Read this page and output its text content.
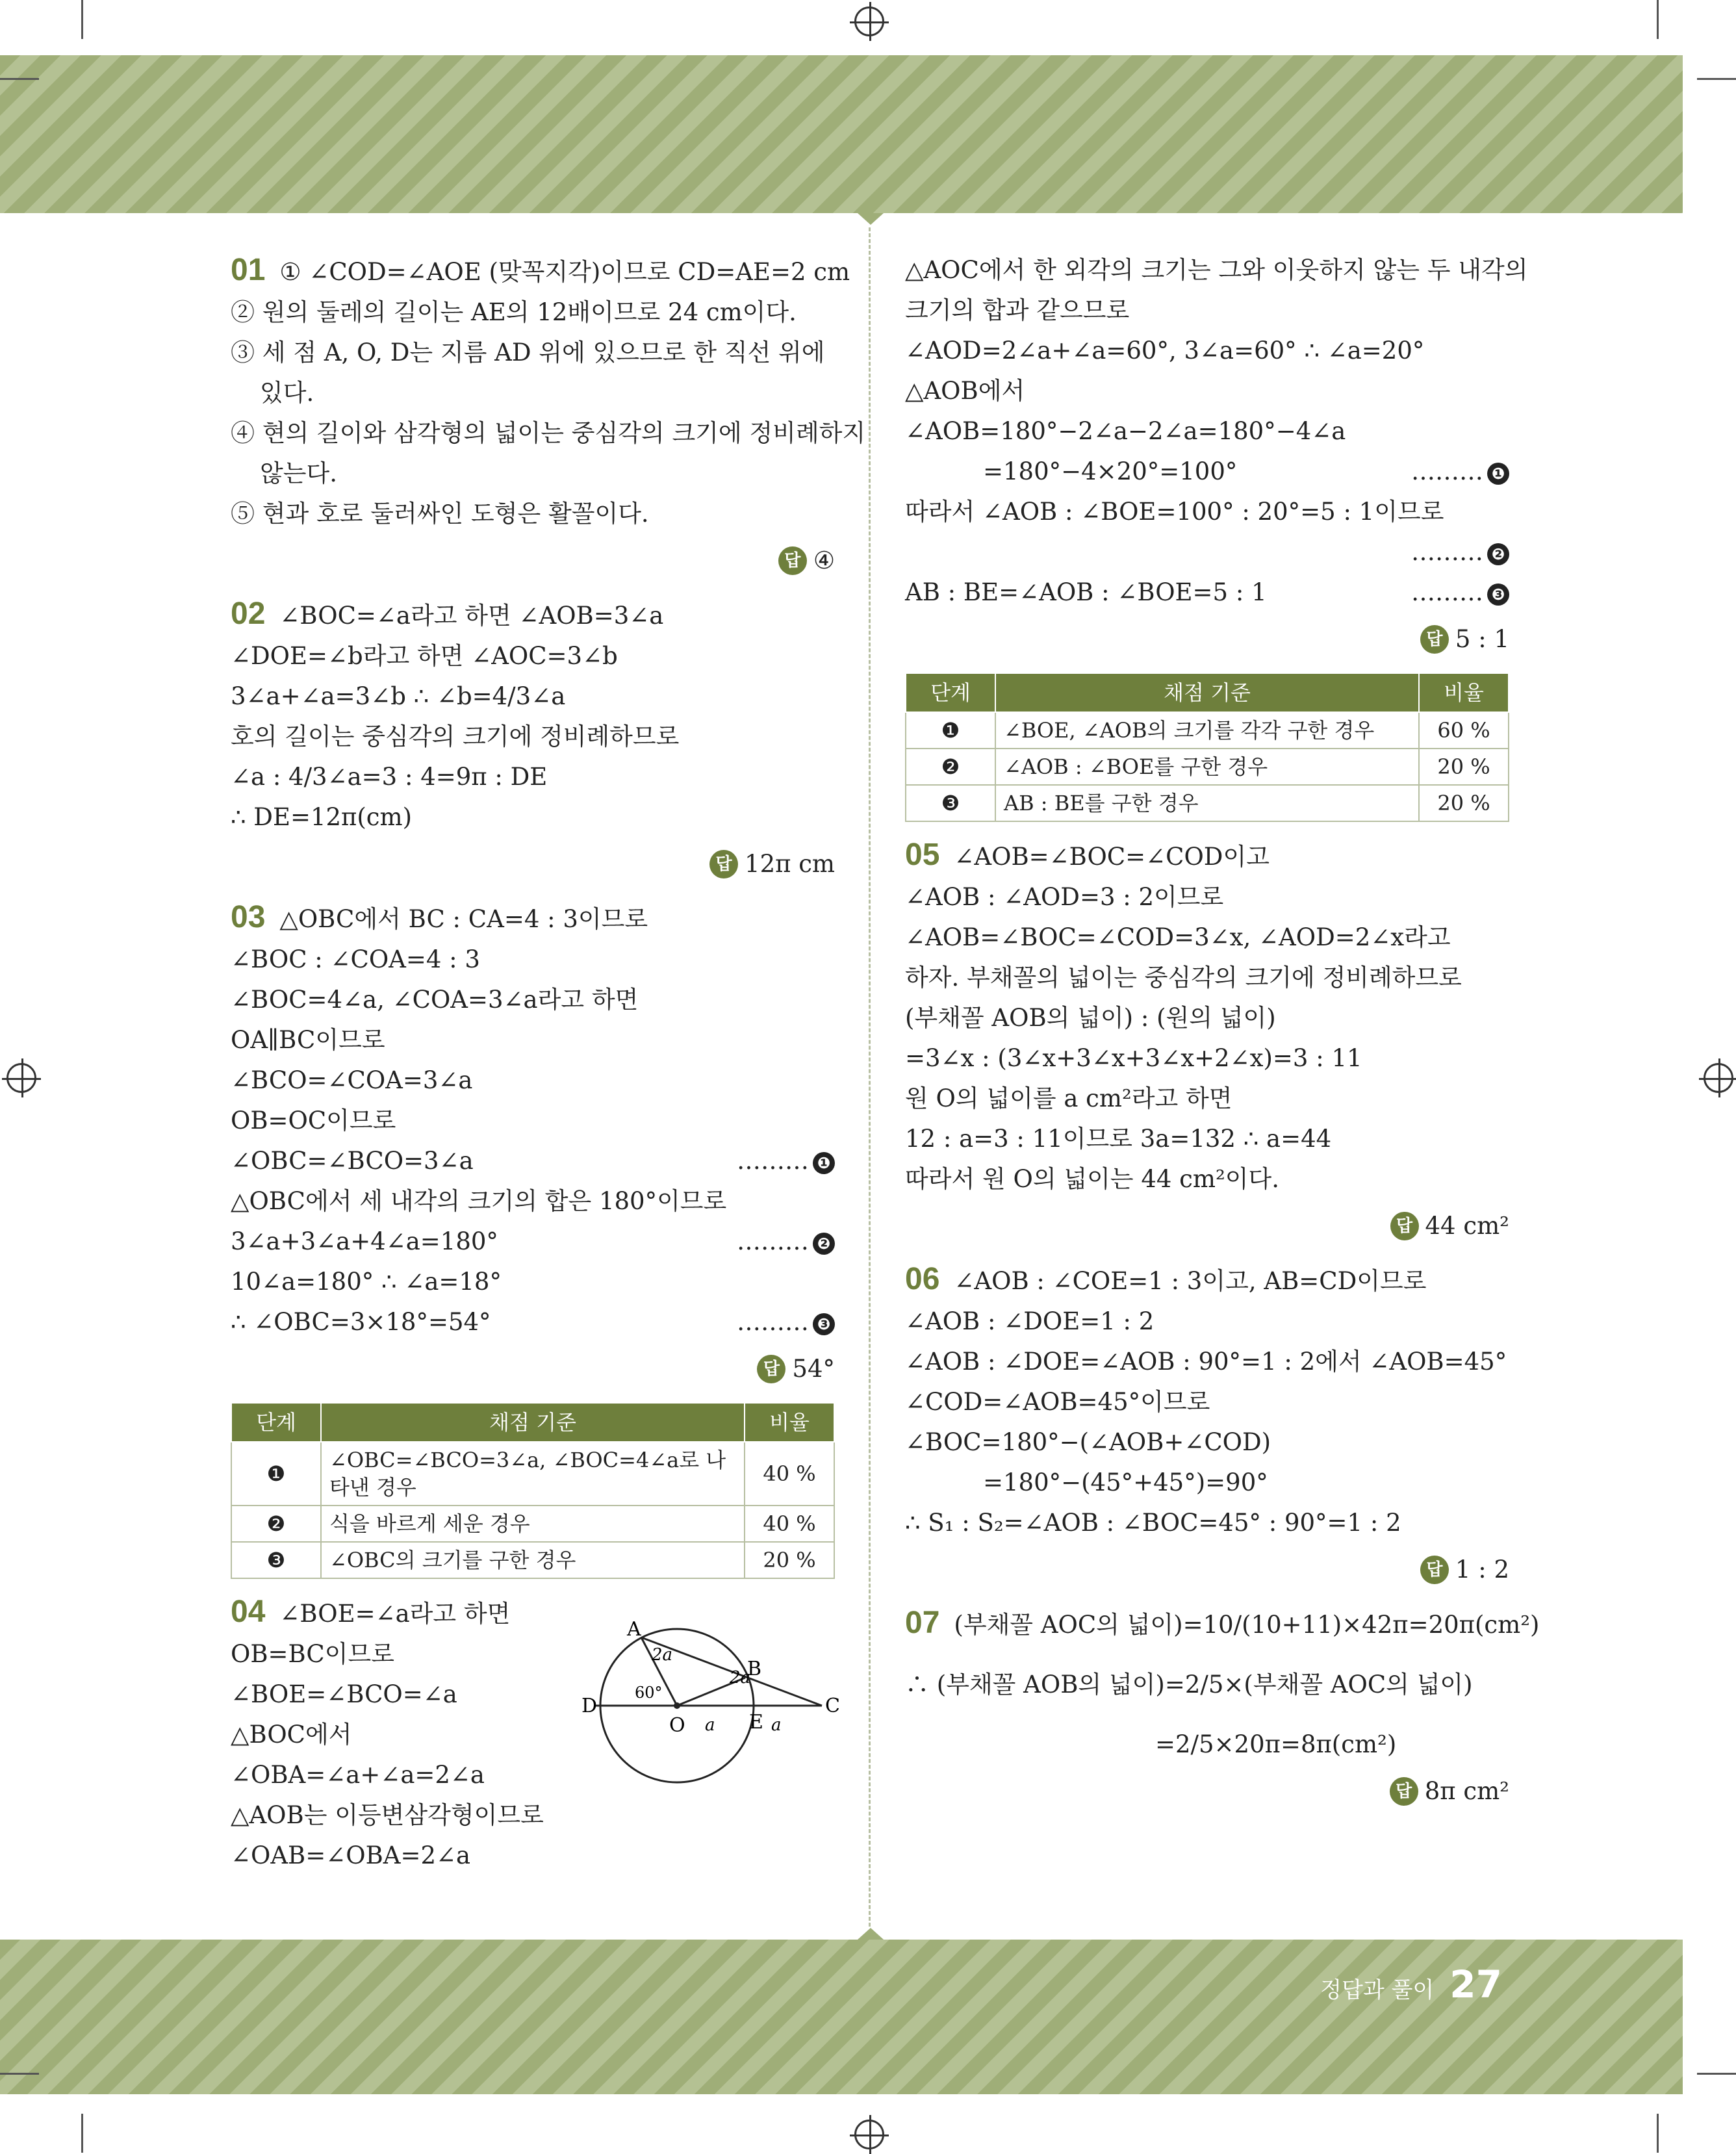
01 ① ∠COD=∠AOE (맞꼭지각)이므로 CD=AE=2 cm
② 원의 둘레의 길이는 AE의 12배이므로 24 cm이다.
③ 세 점 A, O, D는 지름 AD 위에 있으므로 한 직선 위에
있다.
④ 현의 길이와 삼각형의 넓이는 중심각의 크기에 정비례하지
않는다.
⑤ 현과 호로 둘러싸인 도형은 활꼴이다.
답 ④
02 ∠BOC=∠a라고 하면 ∠AOB=3∠a
∠DOE=∠b라고 하면 ∠AOC=3∠b
3∠a+∠a=3∠b ∴ ∠b=4/3∠a
호의 길이는 중심각의 크기에 정비례하므로
∠a : 4/3∠a=3 : 4=9π : DE
∴ DE=12π(cm)
답 12π cm
03 △OBC에서 BC : CA=4 : 3이므로
∠BOC : ∠COA=4 : 3
∠BOC=4∠a, ∠COA=3∠a라고 하면
OA∥BC이므로
∠BCO=∠COA=3∠a
OB=OC이므로
∠OBC=∠BCO=3∠a	……… ❶
△OBC에서 세 내각의 크기의 합은 180°이므로
3∠a+3∠a+4∠a=180°	……… ❷
10∠a=180° ∴ ∠a=18°
∴ ∠OBC=3×18°=54°	……… ❸
답 54°
단계	채점 기준	비율
❶	∠OBC=∠BCO=3∠a, ∠BOC=4∠a로 나타낸 경우	40 %
❷	식을 바르게 세운 경우	40 %
❸	∠OBC의 크기를 구한 경우	20 %
04 ∠BOE=∠a라고 하면
OB=BC이므로
∠BOE=∠BCO=∠a
△BOC에서
∠OBA=∠a+∠a=2∠a
△AOB는 이등변삼각형이므로
∠OAB=∠OBA=2∠a
A
B
C
D
O	E
2a
2a
60°
a	a
△AOC에서 한 외각의 크기는 그와 이웃하지 않는 두 내각의
크기의 합과 같으므로
∠AOD=2∠a+∠a=60°, 3∠a=60° ∴ ∠a=20°
△AOB에서
∠AOB=180°−2∠a−2∠a=180°−4∠a
=180°−4×20°=100°	……… ❶
따라서 ∠AOB : ∠BOE=100° : 20°=5 : 1이므로
……… ❷

AB : BE=∠AOB : ∠BOE=5 : 1	……… ❸
답 5 : 1
단계	채점 기준	비율
❶	∠BOE, ∠AOB의 크기를 각각 구한 경우	60 %
❷	∠AOB : ∠BOE를 구한 경우	20 %
❸	AB : BE를 구한 경우	20 %
05 ∠AOB=∠BOC=∠COD이고
∠AOB : ∠AOD=3 : 2이므로
∠AOB=∠BOC=∠COD=3∠x, ∠AOD=2∠x라고
하자. 부채꼴의 넓이는 중심각의 크기에 정비례하므로
(부채꼴 AOB의 넓이) : (원의 넓이)
=3∠x : (3∠x+3∠x+3∠x+2∠x)=3 : 11
원 O의 넓이를 a cm²라고 하면
12 : a=3 : 11이므로 3a=132 ∴ a=44
따라서 원 O의 넓이는 44 cm²이다.
답 44 cm²
06 ∠AOB : ∠COE=1 : 3이고, AB=CD이므로
∠AOB : ∠DOE=1 : 2
∠AOB : ∠DOE=∠AOB : 90°=1 : 2에서 ∠AOB=45°
∠COD=∠AOB=45°이므로
∠BOC=180°−(∠AOB+∠COD)
=180°−(45°+45°)=90°
∴ S₁ : S₂=∠AOB : ∠BOC=45° : 90°=1 : 2
답 1 : 2
07 (부채꼴 AOC의 넓이)=10/(10+11)×42π=20π(cm²)
∴ (부채꼴 AOB의 넓이)=2/5×(부채꼴 AOC의 넓이)
=2/5×20π=8π(cm²)
답 8π cm²
정답과 풀이 27
